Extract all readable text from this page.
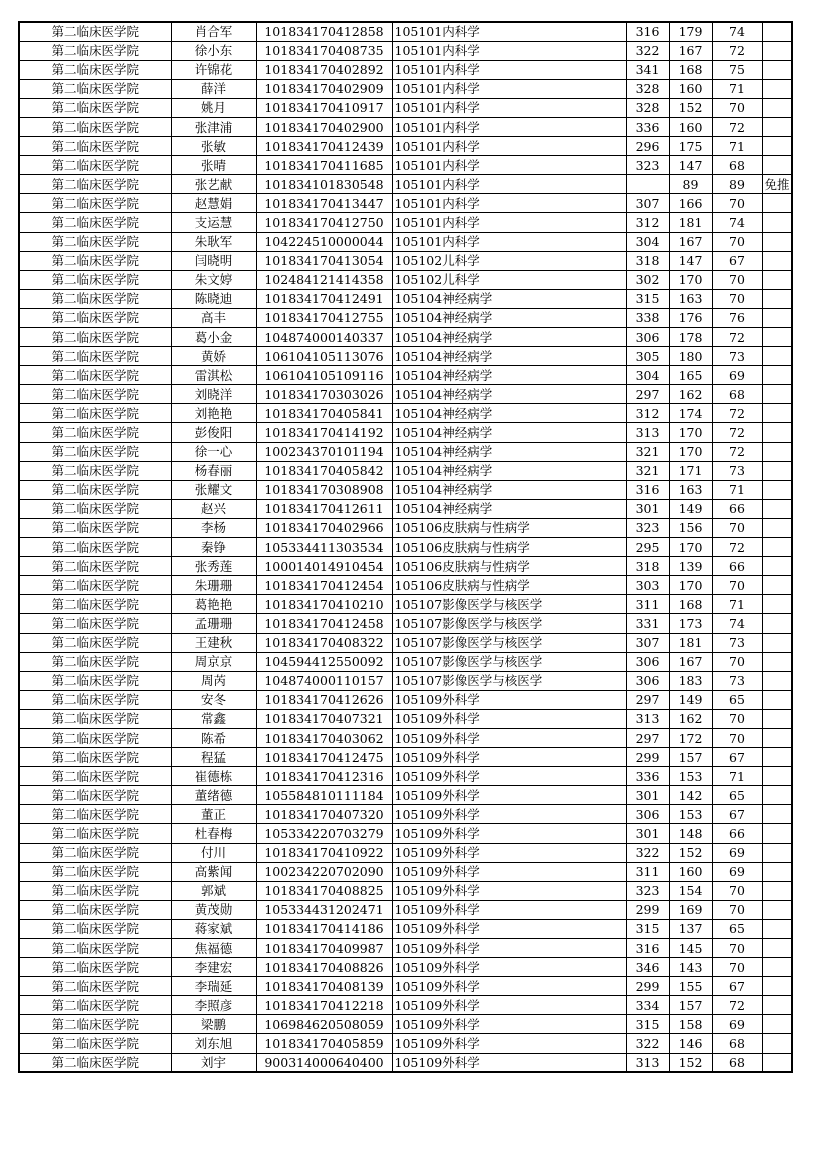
第二临床医学院	肖合军	101834170412858	105101内科学	316	179	74	
第二临床医学院	徐小东	101834170408735	105101内科学	322	167	72	
第二临床医学院	许锦花	101834170402892	105101内科学	341	168	75	
第二临床医学院	薛洋	101834170402909	105101内科学	328	160	71	
第二临床医学院	姚月	101834170410917	105101内科学	328	152	70	
第二临床医学院	张津浦	101834170402900	105101内科学	336	160	72	
第二临床医学院	张敏	101834170412439	105101内科学	296	175	71	
第二临床医学院	张晴	101834170411685	105101内科学	323	147	68	
第二临床医学院	张艺献	101834101830548	105101内科学		89	89	免推
第二临床医学院	赵慧娟	101834170413447	105101内科学	307	166	70	
第二临床医学院	支运慧	101834170412750	105101内科学	312	181	74	
第二临床医学院	朱耿军	104224510000044	105101内科学	304	167	70	
第二临床医学院	闫晓明	101834170413054	105102儿科学	318	147	67	
第二临床医学院	朱文婷	102484121414358	105102儿科学	302	170	70	
第二临床医学院	陈晓迪	101834170412491	105104神经病学	315	163	70	
第二临床医学院	高丰	101834170412755	105104神经病学	338	176	76	
第二临床医学院	葛小金	104874000140337	105104神经病学	306	178	72	
第二临床医学院	黄娇	106104105113076	105104神经病学	305	180	73	
第二临床医学院	雷淇松	106104105109116	105104神经病学	304	165	69	
第二临床医学院	刘晓洋	101834170303026	105104神经病学	297	162	68	
第二临床医学院	刘艳艳	101834170405841	105104神经病学	312	174	72	
第二临床医学院	彭俊阳	101834170414192	105104神经病学	313	170	72	
第二临床医学院	徐一心	100234370101194	105104神经病学	321	170	72	
第二临床医学院	杨春丽	101834170405842	105104神经病学	321	171	73	
第二临床医学院	张耀文	101834170308908	105104神经病学	316	163	71	
第二临床医学院	赵兴	101834170412611	105104神经病学	301	149	66	
第二临床医学院	李杨	101834170402966	105106皮肤病与性病学	323	156	70	
第二临床医学院	秦铮	105334411303534	105106皮肤病与性病学	295	170	72	
第二临床医学院	张秀莲	100014014910454	105106皮肤病与性病学	318	139	66	
第二临床医学院	朱珊珊	101834170412454	105106皮肤病与性病学	303	170	70	
第二临床医学院	葛艳艳	101834170410210	105107影像医学与核医学	311	168	71	
第二临床医学院	孟珊珊	101834170412458	105107影像医学与核医学	331	173	74	
第二临床医学院	王建秋	101834170408322	105107影像医学与核医学	307	181	73	
第二临床医学院	周京京	104594412550092	105107影像医学与核医学	306	167	70	
第二临床医学院	周芮	104874000110157	105107影像医学与核医学	306	183	73	
第二临床医学院	安冬	101834170412626	105109外科学	297	149	65	
第二临床医学院	常鑫	101834170407321	105109外科学	313	162	70	
第二临床医学院	陈希	101834170403062	105109外科学	297	172	70	
第二临床医学院	程猛	101834170412475	105109外科学	299	157	67	
第二临床医学院	崔德栋	101834170412316	105109外科学	336	153	71	
第二临床医学院	董绪德	105584810111184	105109外科学	301	142	65	
第二临床医学院	董正	101834170407320	105109外科学	306	153	67	
第二临床医学院	杜春梅	105334220703279	105109外科学	301	148	66	
第二临床医学院	付川	101834170410922	105109外科学	322	152	69	
第二临床医学院	高紫闻	100234220702090	105109外科学	311	160	69	
第二临床医学院	郭斌	101834170408825	105109外科学	323	154	70	
第二临床医学院	黄茂勋	105334431202471	105109外科学	299	169	70	
第二临床医学院	蒋家斌	101834170414186	105109外科学	315	137	65	
第二临床医学院	焦福德	101834170409987	105109外科学	316	145	70	
第二临床医学院	李建宏	101834170408826	105109外科学	346	143	70	
第二临床医学院	李瑞延	101834170408139	105109外科学	299	155	67	
第二临床医学院	李照彦	101834170412218	105109外科学	334	157	72	
第二临床医学院	梁鹏	106984620508059	105109外科学	315	158	69	
第二临床医学院	刘东旭	101834170405859	105109外科学	322	146	68	
第二临床医学院	刘宇	900314000640400	105109外科学	313	152	68	
